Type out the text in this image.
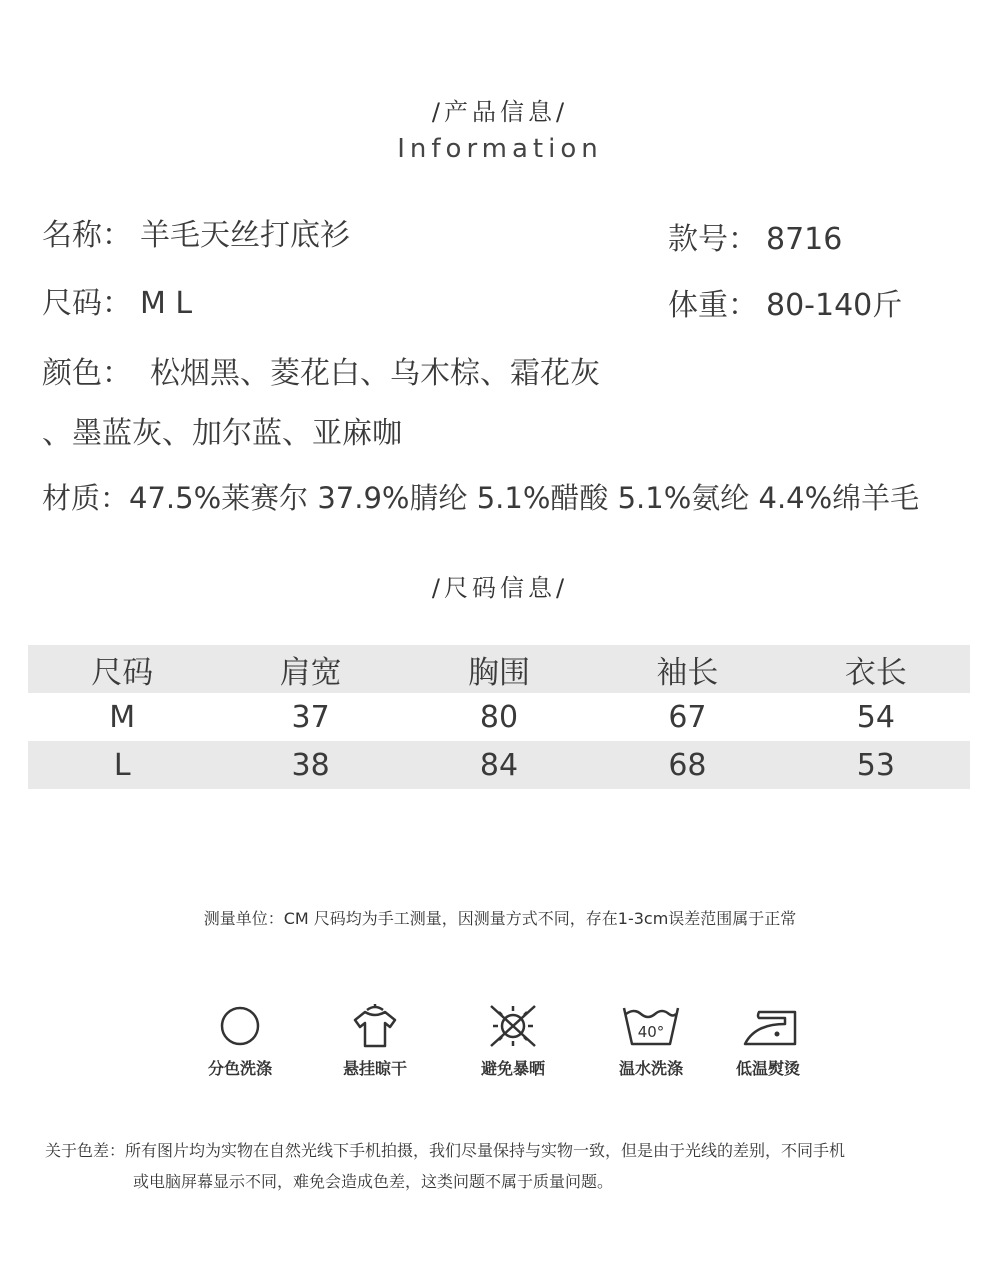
/产品信息/
Information
名称： 羊毛天丝打底衫	款号： 8716
尺码： M L	体重： 80-140斤
颜色： 松烟黑、菱花白、乌木棕、霜花灰
、墨蓝灰、加尔蓝、亚麻咖
材质：47.5%莱赛尔 37.9%腈纶 5.1%醋酸 5.1%氨纶 4.4%绵羊毛
/尺码信息/
尺码	肩宽	胸围	袖长	衣长
M	37	80	67	54
L	38	84	68	53
测量单位：CM 尺码均为手工测量，因测量方式不同，存在1-3cm误差范围属于正常
分色洗涤	悬挂晾干	避免暴晒
40°
温水洗涤	低温熨烫
关于色差：所有图片均为实物在自然光线下手机拍摄，我们尽量保持与实物一致，但是由于光线的差别，不同手机
或电脑屏幕显示不同，难免会造成色差，这类问题不属于质量问题。
